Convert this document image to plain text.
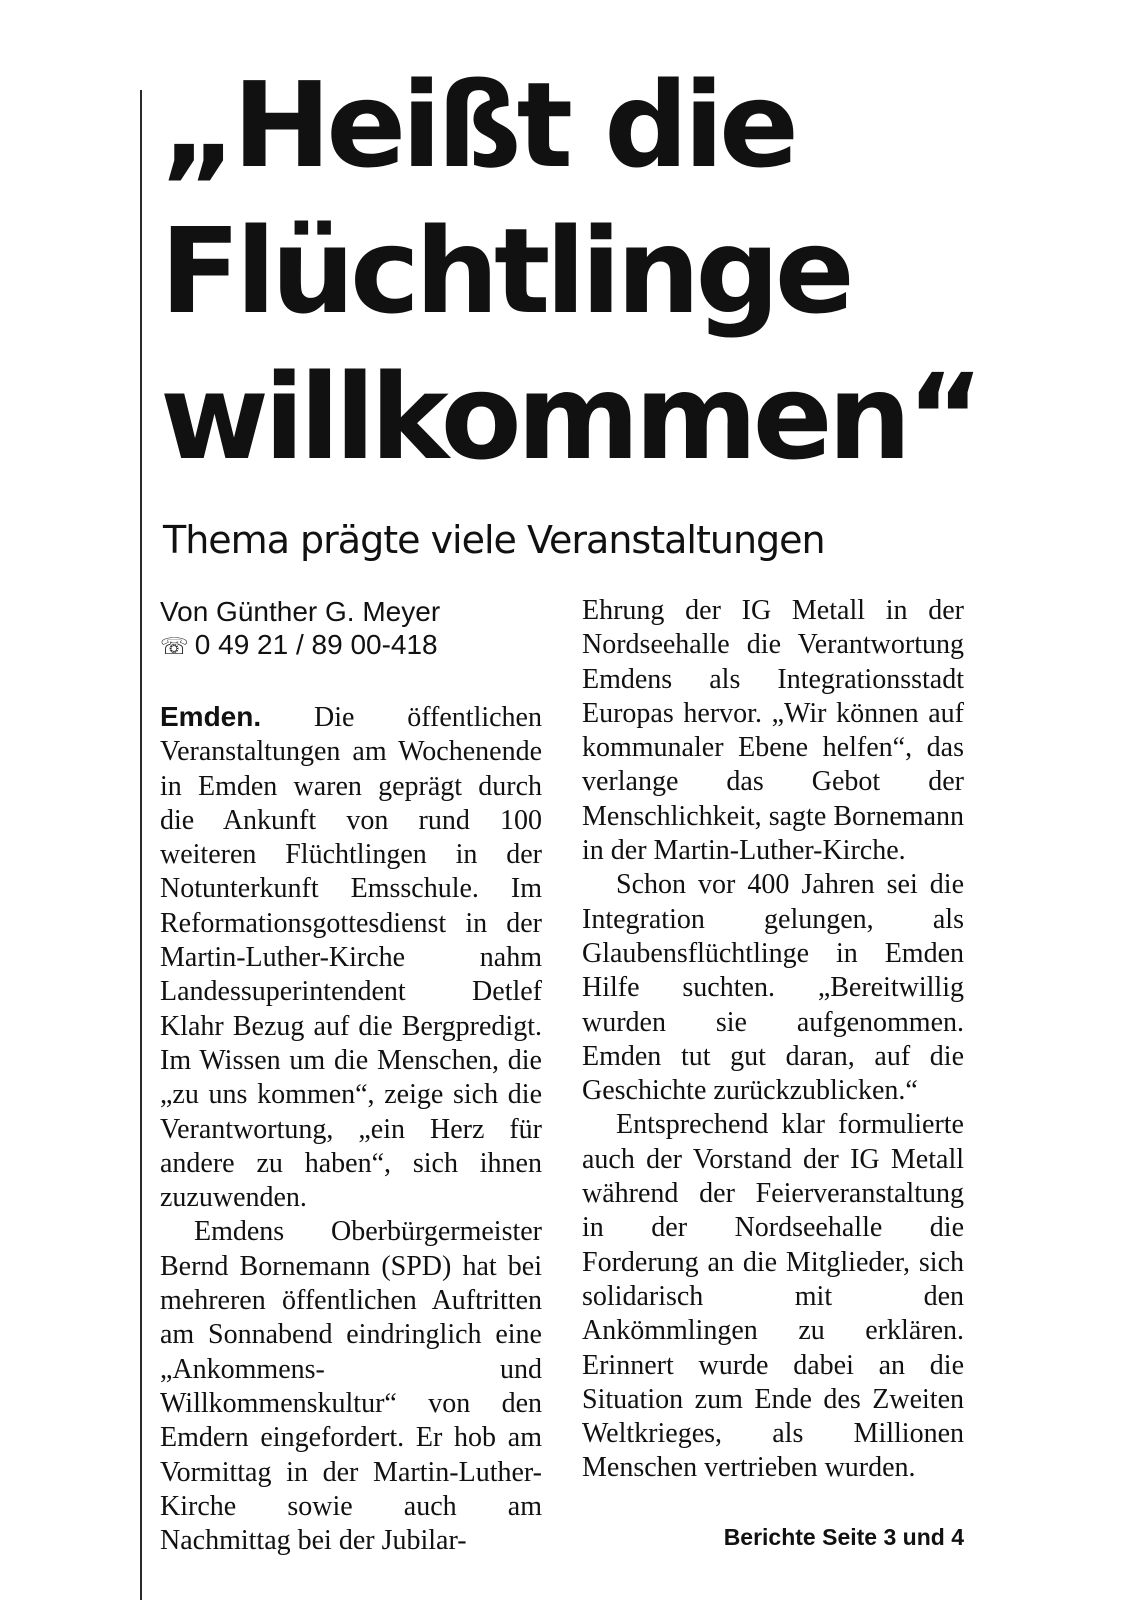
„Heißt die
Flüchtlinge
willkommen“
Thema prägte viele Veranstaltungen
Von Günther G. Meyer
☏ 0 49 21 / 89 00-418

Emden. Die öffentlichen Veranstaltungen am Wochenende in Emden waren geprägt durch die Ankunft von rund 100 weiteren Flüchtlingen in der Notunterkunft Emsschule. Im Reformationsgottesdienst in der Martin-Luther-Kirche nahm Landessuperintendent Detlef Klahr Bezug auf die Bergpredigt. Im Wissen um die Menschen, die „zu uns kommen“, zeige sich die Verantwortung, „ein Herz für andere zu haben“, sich ihnen zuzuwenden.

Emdens Oberbürgermeister Bernd Bornemann (SPD) hat bei mehreren öffentlichen Auftritten am Sonnabend eindringlich eine „Ankommens- und Willkommenskultur“ von den Emdern eingefordert. Er hob am Vormittag in der Martin-Luther-Kirche sowie auch am Nachmittag bei der Jubilar-

Ehrung der IG Metall in der Nordseehalle die Verantwortung Emdens als Integrationsstadt Europas hervor. „Wir können auf kommunaler Ebene helfen“, das verlange das Gebot der Menschlichkeit, sagte Bornemann in der Martin-Luther-Kirche.

Schon vor 400 Jahren sei die Integration gelungen, als Glaubensflüchtlinge in Emden Hilfe suchten. „Bereitwillig wurden sie aufgenommen. Emden tut gut daran, auf die Geschichte zurückzublicken.“

Entsprechend klar formulierte auch der Vorstand der IG Metall während der Feierveranstaltung in der Nordseehalle die Forderung an die Mitglieder, sich solidarisch mit den Ankömmlingen zu erklären. Erinnert wurde dabei an die Situation zum Ende des Zweiten Weltkrieges, als Millionen Menschen vertrieben wurden.

Berichte Seite 3 und 4
